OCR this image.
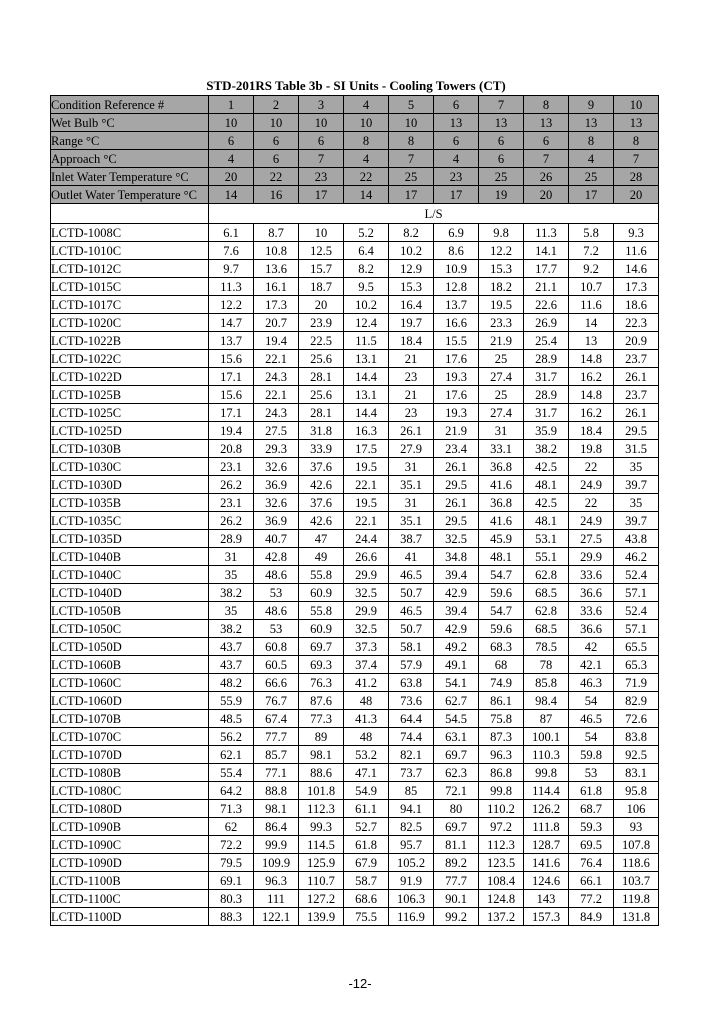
STD-201RS Table 3b - SI Units - Cooling Towers (CT)
Condition Reference #	1	2	3	4	5	6	7	8	9	10
Wet Bulb °C	10	10	10	10	10	13	13	13	13	13
Range °C	6	6	6	8	8	6	6	6	8	8
Approach °C	4	6	7	4	7	4	6	7	4	7
Inlet Water Temperature °C	20	22	23	22	25	23	25	26	25	28
Outlet Water Temperature °C	14	16	17	14	17	17	19	20	17	20
	L/S									
LCTD-1008C	6.1	8.7	10	5.2	8.2	6.9	9.8	11.3	5.8	9.3
LCTD-1010C	7.6	10.8	12.5	6.4	10.2	8.6	12.2	14.1	7.2	11.6
LCTD-1012C	9.7	13.6	15.7	8.2	12.9	10.9	15.3	17.7	9.2	14.6
LCTD-1015C	11.3	16.1	18.7	9.5	15.3	12.8	18.2	21.1	10.7	17.3
LCTD-1017C	12.2	17.3	20	10.2	16.4	13.7	19.5	22.6	11.6	18.6
LCTD-1020C	14.7	20.7	23.9	12.4	19.7	16.6	23.3	26.9	14	22.3
LCTD-1022B	13.7	19.4	22.5	11.5	18.4	15.5	21.9	25.4	13	20.9
LCTD-1022C	15.6	22.1	25.6	13.1	21	17.6	25	28.9	14.8	23.7
LCTD-1022D	17.1	24.3	28.1	14.4	23	19.3	27.4	31.7	16.2	26.1
LCTD-1025B	15.6	22.1	25.6	13.1	21	17.6	25	28.9	14.8	23.7
LCTD-1025C	17.1	24.3	28.1	14.4	23	19.3	27.4	31.7	16.2	26.1
LCTD-1025D	19.4	27.5	31.8	16.3	26.1	21.9	31	35.9	18.4	29.5
LCTD-1030B	20.8	29.3	33.9	17.5	27.9	23.4	33.1	38.2	19.8	31.5
LCTD-1030C	23.1	32.6	37.6	19.5	31	26.1	36.8	42.5	22	35
LCTD-1030D	26.2	36.9	42.6	22.1	35.1	29.5	41.6	48.1	24.9	39.7
LCTD-1035B	23.1	32.6	37.6	19.5	31	26.1	36.8	42.5	22	35
LCTD-1035C	26.2	36.9	42.6	22.1	35.1	29.5	41.6	48.1	24.9	39.7
LCTD-1035D	28.9	40.7	47	24.4	38.7	32.5	45.9	53.1	27.5	43.8
LCTD-1040B	31	42.8	49	26.6	41	34.8	48.1	55.1	29.9	46.2
LCTD-1040C	35	48.6	55.8	29.9	46.5	39.4	54.7	62.8	33.6	52.4
LCTD-1040D	38.2	53	60.9	32.5	50.7	42.9	59.6	68.5	36.6	57.1
LCTD-1050B	35	48.6	55.8	29.9	46.5	39.4	54.7	62.8	33.6	52.4
LCTD-1050C	38.2	53	60.9	32.5	50.7	42.9	59.6	68.5	36.6	57.1
LCTD-1050D	43.7	60.8	69.7	37.3	58.1	49.2	68.3	78.5	42	65.5
LCTD-1060B	43.7	60.5	69.3	37.4	57.9	49.1	68	78	42.1	65.3
LCTD-1060C	48.2	66.6	76.3	41.2	63.8	54.1	74.9	85.8	46.3	71.9
LCTD-1060D	55.9	76.7	87.6	48	73.6	62.7	86.1	98.4	54	82.9
LCTD-1070B	48.5	67.4	77.3	41.3	64.4	54.5	75.8	87	46.5	72.6
LCTD-1070C	56.2	77.7	89	48	74.4	63.1	87.3	100.1	54	83.8
LCTD-1070D	62.1	85.7	98.1	53.2	82.1	69.7	96.3	110.3	59.8	92.5
LCTD-1080B	55.4	77.1	88.6	47.1	73.7	62.3	86.8	99.8	53	83.1
LCTD-1080C	64.2	88.8	101.8	54.9	85	72.1	99.8	114.4	61.8	95.8
LCTD-1080D	71.3	98.1	112.3	61.1	94.1	80	110.2	126.2	68.7	106
LCTD-1090B	62	86.4	99.3	52.7	82.5	69.7	97.2	111.8	59.3	93
LCTD-1090C	72.2	99.9	114.5	61.8	95.7	81.1	112.3	128.7	69.5	107.8
LCTD-1090D	79.5	109.9	125.9	67.9	105.2	89.2	123.5	141.6	76.4	118.6
LCTD-1100B	69.1	96.3	110.7	58.7	91.9	77.7	108.4	124.6	66.1	103.7
LCTD-1100C	80.3	111	127.2	68.6	106.3	90.1	124.8	143	77.2	119.8
LCTD-1100D	88.3	122.1	139.9	75.5	116.9	99.2	137.2	157.3	84.9	131.8
-12-
